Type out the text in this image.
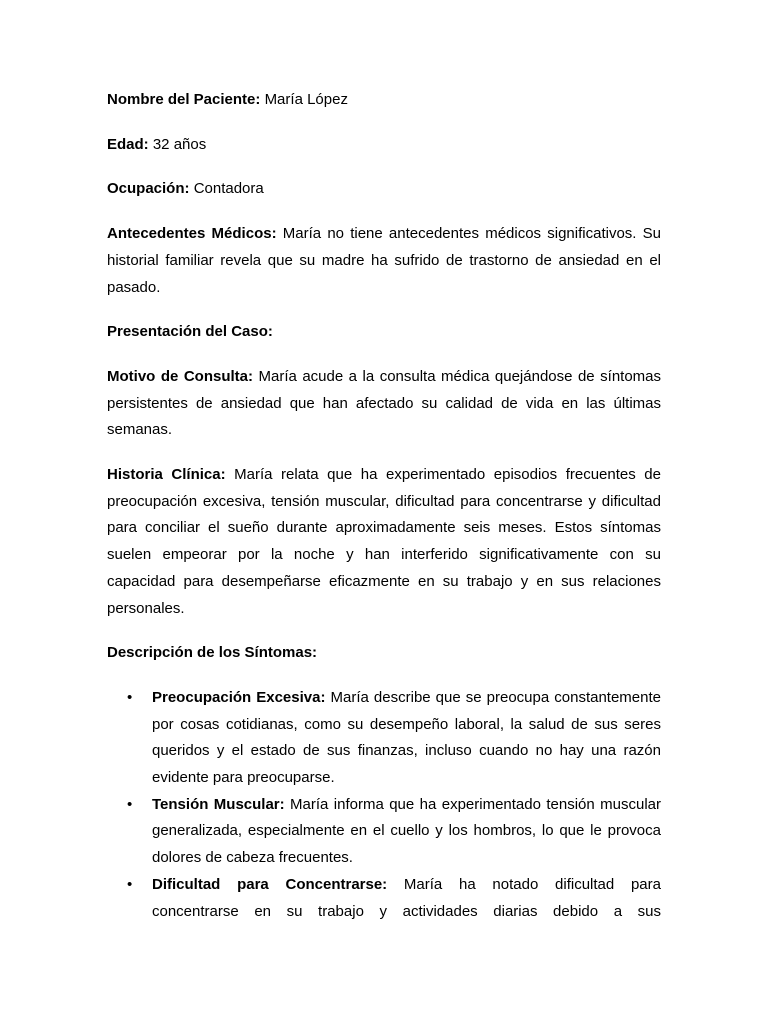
Nombre del Paciente: María López

Edad: 32 años

Ocupación: Contadora

Antecedentes Médicos: María no tiene antecedentes médicos significativos. Su historial familiar revela que su madre ha sufrido de trastorno de ansiedad en el pasado.

Presentación del Caso:

Motivo de Consulta: María acude a la consulta médica quejándose de síntomas persistentes de ansiedad que han afectado su calidad de vida en las últimas semanas.

Historia Clínica: María relata que ha experimentado episodios frecuentes de preocupación excesiva, tensión muscular, dificultad para concentrarse y dificultad para conciliar el sueño durante aproximadamente seis meses. Estos síntomas suelen empeorar por la noche y han interferido significativamente con su capacidad para desempeñarse eficazmente en su trabajo y en sus relaciones personales.

Descripción de los Síntomas:

• Preocupación Excesiva: María describe que se preocupa constantemente por cosas cotidianas, como su desempeño laboral, la salud de sus seres queridos y el estado de sus finanzas, incluso cuando no hay una razón evidente para preocuparse.
• Tensión Muscular: María informa que ha experimentado tensión muscular generalizada, especialmente en el cuello y los hombros, lo que le provoca dolores de cabeza frecuentes.
• Dificultad para Concentrarse: María ha notado dificultad para concentrarse en su trabajo y actividades diarias debido a sus
